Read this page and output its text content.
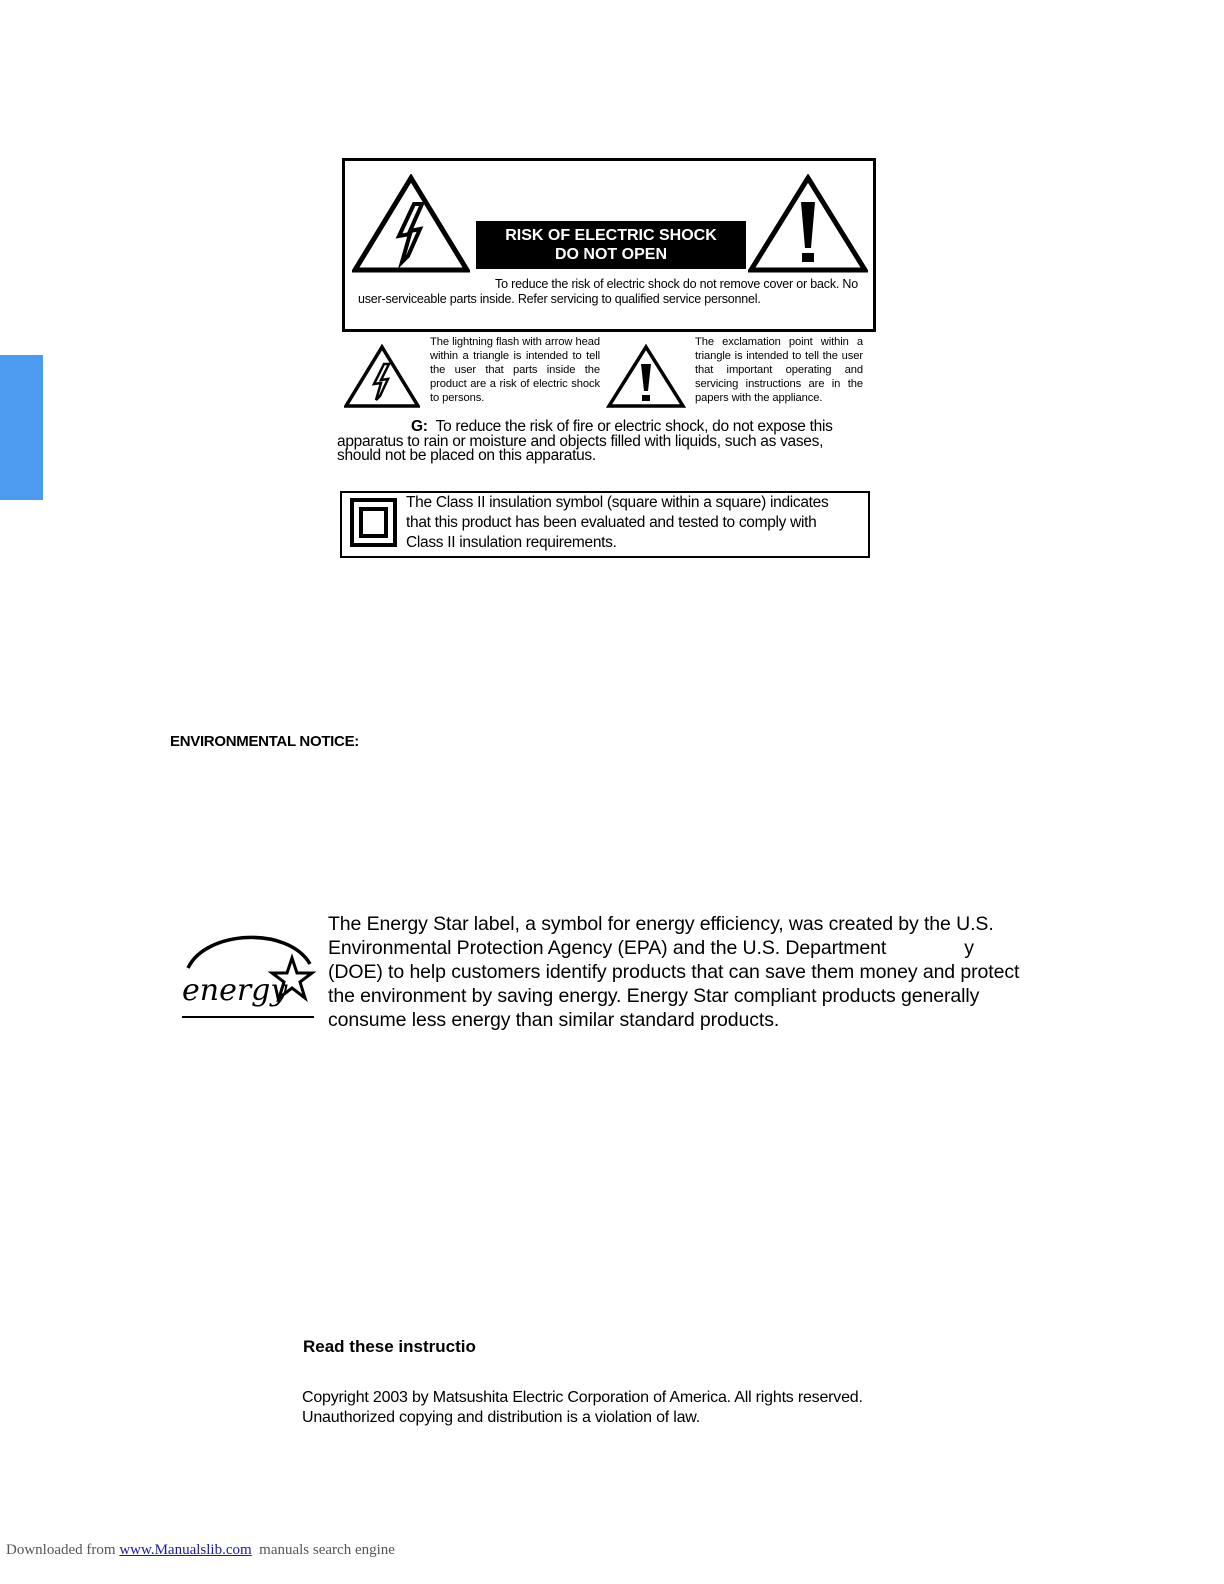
RISK OF ELECTRIC SHOCK
DO NOT OPEN
To reduce the risk of electric shock do not remove cover or back. No
user-serviceable parts inside. Refer servicing to qualified service personnel.
The lightning flash with arrow head within a triangle is intended to tell the user that parts inside the product are a risk of electric shock to persons.
The exclamation point within a triangle is intended to tell the user that important operating and servicing instructions are in the papers with the appliance.
G: To reduce the risk of fire or electric shock, do not expose this
apparatus to rain or moisture and objects filled with liquids, such as vases,
should not be placed on this apparatus.
The Class II insulation symbol (square within a square) indicates
that this product has been evaluated and tested to comply with
Class II insulation requirements.
ENVIRONMENTAL NOTICE:
energy
The Energy Star label, a symbol for energy efficiency, was created by the U.S.
Environmental Protection Agency (EPA) and the U.S. Department	y
(DOE) to help customers identify products that can save them money and protect
the environment by saving energy. Energy Star compliant products generally
consume less energy than similar standard products.
Read these instructio
Copyright 2003 by Matsushita Electric Corporation of America. All rights reserved.
Unauthorized copying and distribution is a violation of law.
Downloaded from www.Manualslib.com  manuals search engine
